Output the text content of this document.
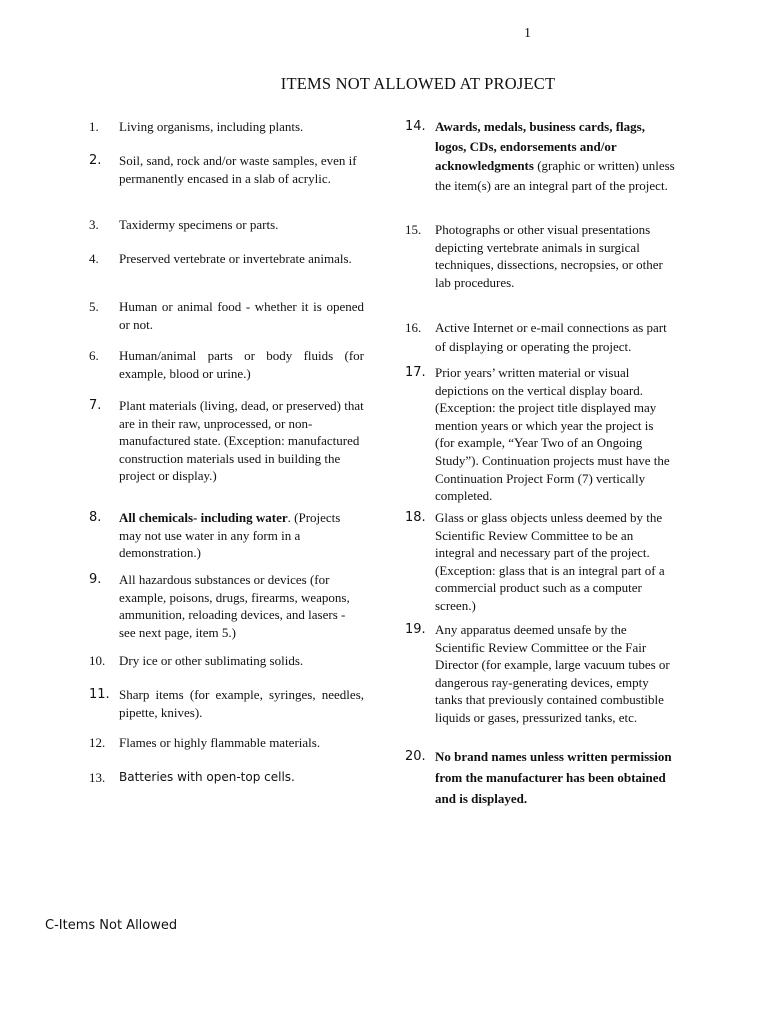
1
ITEMS NOT ALLOWED AT PROJECT
1.	Living organisms, including plants.
2.	Soil, sand, rock and/or waste samples, even if permanently encased in a slab of acrylic.
3.	Taxidermy specimens or parts.
4.	Preserved vertebrate or invertebrate animals.
5.	Human or animal food - whether it is opened or not.
6.	Human/animal parts or body fluids (for example, blood or urine.)
7.	Plant materials (living, dead, or preserved) that are in their raw, unprocessed, or non-manufactured state. (Exception: manufactured construction materials used in building the project or display.)
8.	All chemicals- including water. (Projects may not use water in any form in a demonstration.)
9.	All hazardous substances or devices (for example, poisons, drugs, firearms, weapons, ammunition, reloading devices, and lasers - see next page, item 5.)
10.	Dry ice or other sublimating solids.
11. Sharp items (for example, syringes, needles, pipette, knives).
12.	Flames or highly flammable materials.
13.	Batteries with open-top cells.
14. Awards, medals, business cards, flags, logos, CDs, endorsements and/or acknowledgments (graphic or written) unless the item(s) are an integral part of the project.
15.	Photographs or other visual presentations depicting vertebrate animals in surgical techniques, dissections, necropsies, or other lab procedures.
16.	Active Internet or e-mail connections as part of displaying or operating the project.
17. Prior years’ written material or visual depictions on the vertical display board. (Exception: the project title displayed may mention years or which year the project is (for example, “Year Two of an Ongoing Study”). Continuation projects must have the Continuation Project Form (7) vertically completed.
18. Glass or glass objects unless deemed by the Scientific Review Committee to be an integral and necessary part of the project. (Exception: glass that is an integral part of a commercial product such as a computer screen.)
19. Any apparatus deemed unsafe by the Scientific Review Committee or the Fair Director (for example, large vacuum tubes or dangerous ray-generating devices, empty tanks that previously contained combustible liquids or gases, pressurized tanks, etc.
20. No brand names unless written permission from the manufacturer has been obtained and is displayed.
C-Items Not Allowed
